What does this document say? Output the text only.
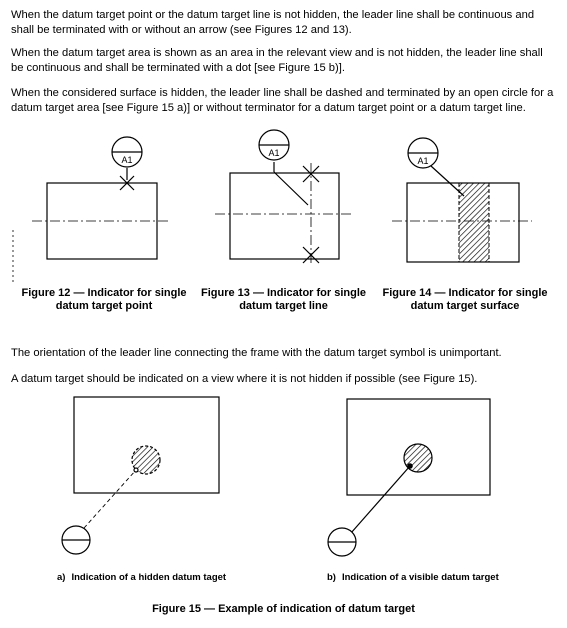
When the datum target point or the datum target line is not hidden, the leader line shall be continuous and shall be terminated with or without an arrow (see Figures 12 and 13).

When the datum target area is shown as an area in the relevant view and is not hidden, the leader line shall be continuous and shall be terminated with a dot [see Figure 15 b)].

When the considered surface is hidden, the leader line shall be dashed and terminated by an open circle for a datum target area [see Figure 15 a)] or without terminator for a datum target point or a datum target line.

The orientation of the leader line connecting the frame with the datum target symbol is unimportant.

A datum target should be indicated on a view where it is not hidden if possible (see Figure 15).

A1
A1
A1

Figure 12 — Indicator for single datum target point

Figure 13 — Indicator for single datum target line

Figure 14 — Indicator for single datum target surface

a) Indication of a hidden datum taget	b) Indication of a visible datum target

Figure 15 — Example of indication of datum target
